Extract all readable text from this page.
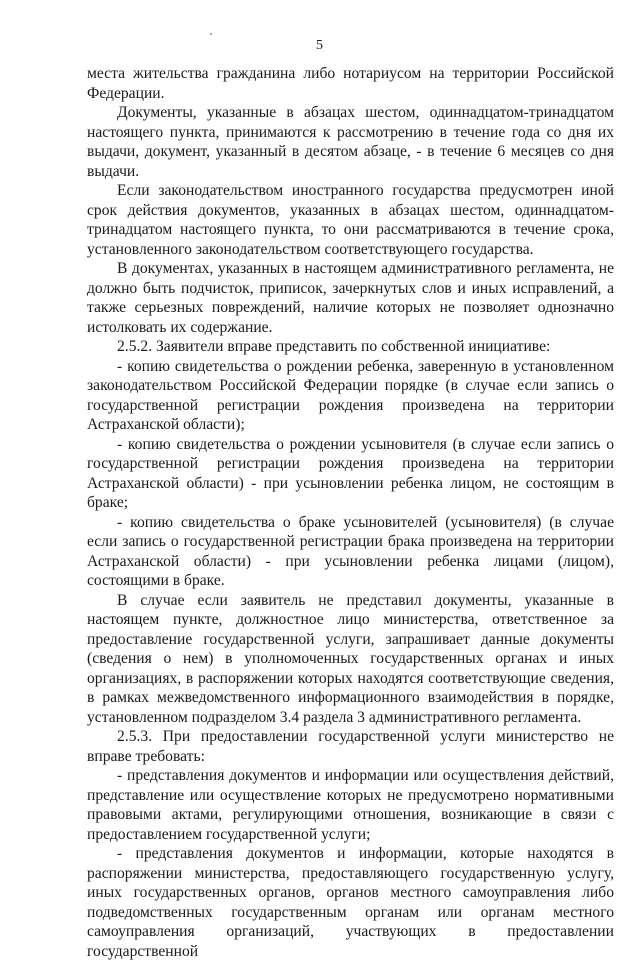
5

места жительства гражданина либо нотариусом на территории Российской Федерации.

Документы, указанные в абзацах шестом, одиннадцатом-тринадцатом настоящего пункта, принимаются к рассмотрению в течение года со дня их выдачи, документ, указанный в десятом абзаце, - в течение 6 месяцев со дня выдачи.

Если законодательством иностранного государства предусмотрен иной срок действия документов, указанных в абзацах шестом, одиннадцатом-тринадцатом настоящего пункта, то они рассматриваются в течение срока, установленного законодательством соответствующего государства.

В документах, указанных в настоящем административного регламента, не должно быть подчисток, приписок, зачеркнутых слов и иных исправлений, а также серьезных повреждений, наличие которых не позволяет однозначно истолковать их содержание.

2.5.2. Заявители вправе представить по собственной инициативе:

- копию свидетельства о рождении ребенка, заверенную в установленном законодательством Российской Федерации порядке (в случае если запись о государственной регистрации рождения произведена на территории Астраханской области);

- копию свидетельства о рождении усыновителя (в случае если запись о государственной регистрации рождения произведена на территории Астраханской области) - при усыновлении ребенка лицом, не состоящим в браке;

- копию свидетельства о браке усыновителей (усыновителя) (в случае если запись о государственной регистрации брака произведена на территории Астраханской области) - при усыновлении ребенка лицами (лицом), состоящими в браке.

В случае если заявитель не представил документы, указанные в настоящем пункте, должностное лицо министерства, ответственное за предоставление государственной услуги, запрашивает данные документы (сведения о нем) в уполномоченных государственных органах и иных организациях, в распоряжении которых находятся соответствующие сведения, в рамках межведомственного информационного взаимодействия в порядке, установленном подразделом 3.4 раздела 3 административного регламента.

2.5.3. При предоставлении государственной услуги министерство не вправе требовать:

- представления документов и информации или осуществления действий, представление или осуществление которых не предусмотрено нормативными правовыми актами, регулирующими отношения, возникающие в связи с предоставлением государственной услуги;

- представления документов и информации, которые находятся в распоряжении министерства, предоставляющего государственную услугу, иных государственных органов, органов местного самоуправления либо подведомственных государственным органам или органам местного самоуправления организаций, участвующих в предоставлении государственной
